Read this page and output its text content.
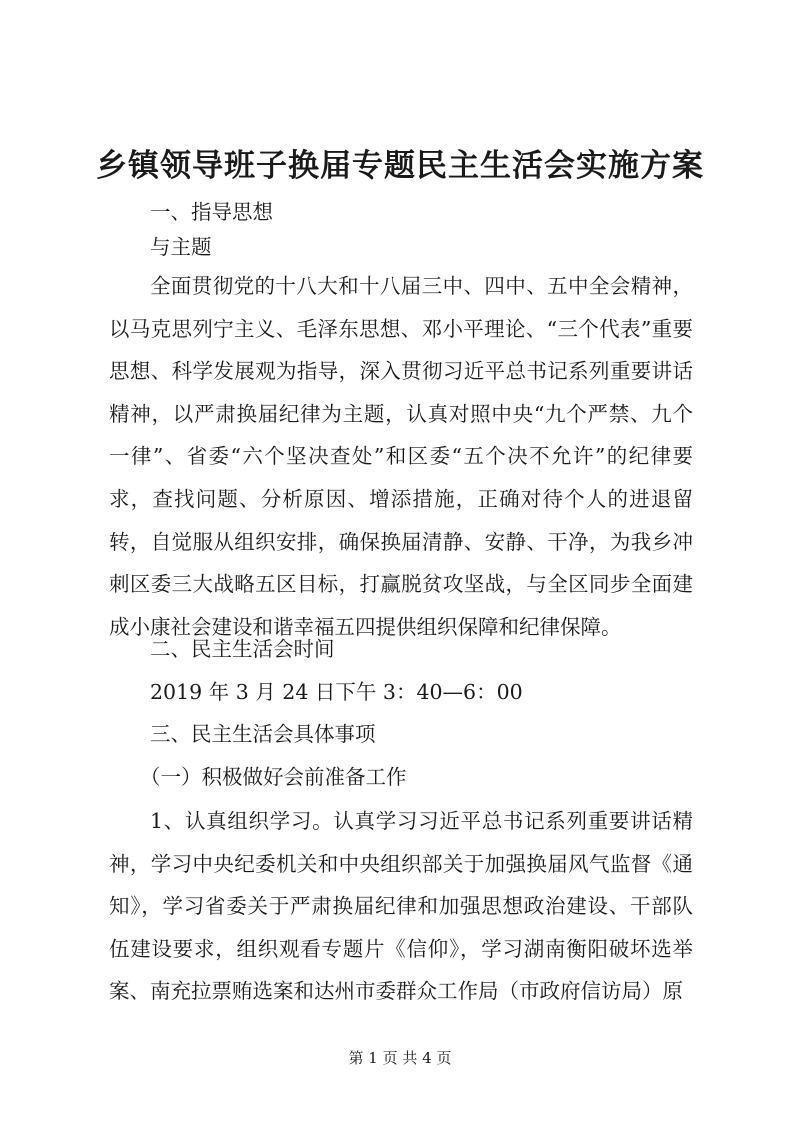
乡镇领导班子换届专题民主生活会实施方案

一、指导思想

与主题

全面贯彻党的十八大和十八届三中、四中、五中全会精神，以马克思列宁主义、毛泽东思想、邓小平理论、“三个代表”重要思想、科学发展观为指导，深入贯彻习近平总书记系列重要讲话精神，以严肃换届纪律为主题，认真对照中央“九个严禁、九个一律”、省委“六个坚决查处”和区委“五个决不允许”的纪律要求，查找问题、分析原因、增添措施，正确对待个人的进退留转，自觉服从组织安排，确保换届清静、安静、干净，为我乡冲刺区委三大战略五区目标，打赢脱贫攻坚战，与全区同步全面建成小康社会建设和谐幸福五四提供组织保障和纪律保障。

二、民主生活会时间

2019 年 3 月 24 日下午 3：40—6：00

三、民主生活会具体事项

（一）积极做好会前准备工作

1、认真组织学习。认真学习习近平总书记系列重要讲话精神，学习中央纪委机关和中央组织部关于加强换届风气监督《通知》，学习省委关于严肃换届纪律和加强思想政治建设、干部队伍建设要求，组织观看专题片《信仰》，学习湖南衡阳破坏选举案、南充拉票贿选案和达州市委群众工作局（市政府信访局）原

第 1 页 共 4 页
